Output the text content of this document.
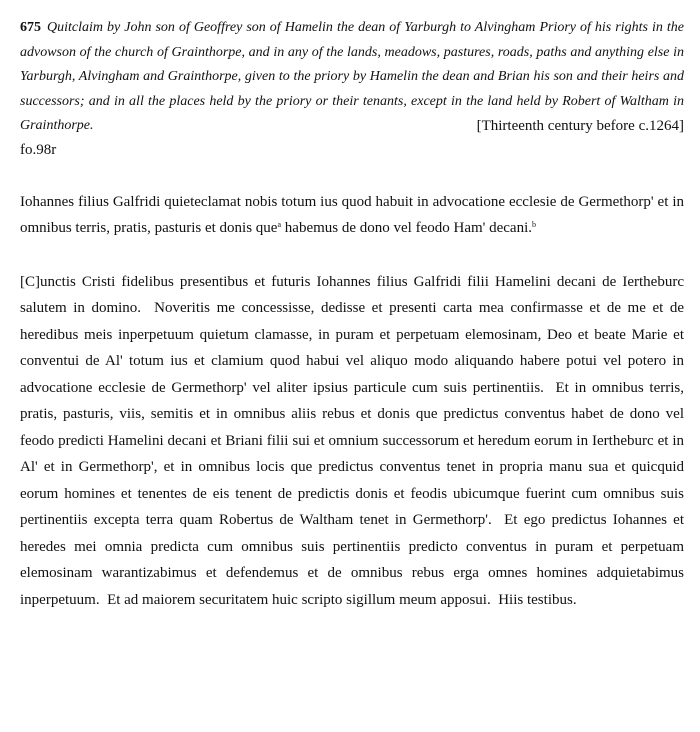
675 Quitclaim by John son of Geoffrey son of Hamelin the dean of Yarburgh to Alvingham Priory of his rights in the advowson of the church of Grainthorpe, and in any of the lands, meadows, pastures, roads, paths and anything else in Yarburgh, Alvingham and Grainthorpe, given to the priory by Hamelin the dean and Brian his son and their heirs and successors; and in all the places held by the priory or their tenants, except in the land held by Robert of Waltham in Grainthorpe.	[Thirteenth century before c.1264]

fo.98r

Iohannes filius Galfridi quieteclamat nobis totum ius quod habuit in advocatione ecclesie de Germethorp' et in omnibus terris, pratis, pasturis et donis que$^a$ habemus de dono vel feodo Ham' decani.$^b$

[C]unctis Cristi fidelibus presentibus et futuris Iohannes filius Galfridi filii Hamelini decani de Iertheburc salutem in domino.  Noveritis me concessisse, dedisse et presenti carta mea confirmasse et de me et de heredibus meis inperpetuum quietum clamasse, in puram et perpetuam elemosinam, Deo et beate Marie et conventui de Al' totum ius et clamium quod habui vel aliquo modo aliquando habere potui vel potero in advocatione ecclesie de Germethorp' vel aliter ipsius particule cum suis pertinentiis.  Et in omnibus terris, pratis, pasturis, viis, semitis et in omnibus aliis rebus et donis que predictus conventus habet de dono vel feodo predicti Hamelini decani et Briani filii sui et omnium successorum et heredum eorum in Iertheburc et in Al' et in Germethorp', et in omnibus locis que predictus conventus tenet in propria manu sua et quicquid eorum homines et tenentes de eis tenent de predictis donis et feodis ubicumque fuerint cum omnibus suis pertinentiis excepta terra quam Robertus de Waltham tenet in Germethorp'.  Et ego predictus Iohannes et heredes mei omnia predicta cum omnibus suis pertinentiis predicto conventus in puram et perpetuam elemosinam warantizabimus et defendemus et de omnibus rebus erga omnes homines adquietabimus inperpetuum.  Et ad maiorem securitatem huic scripto sigillum meum apposui.  Hiis testibus.
